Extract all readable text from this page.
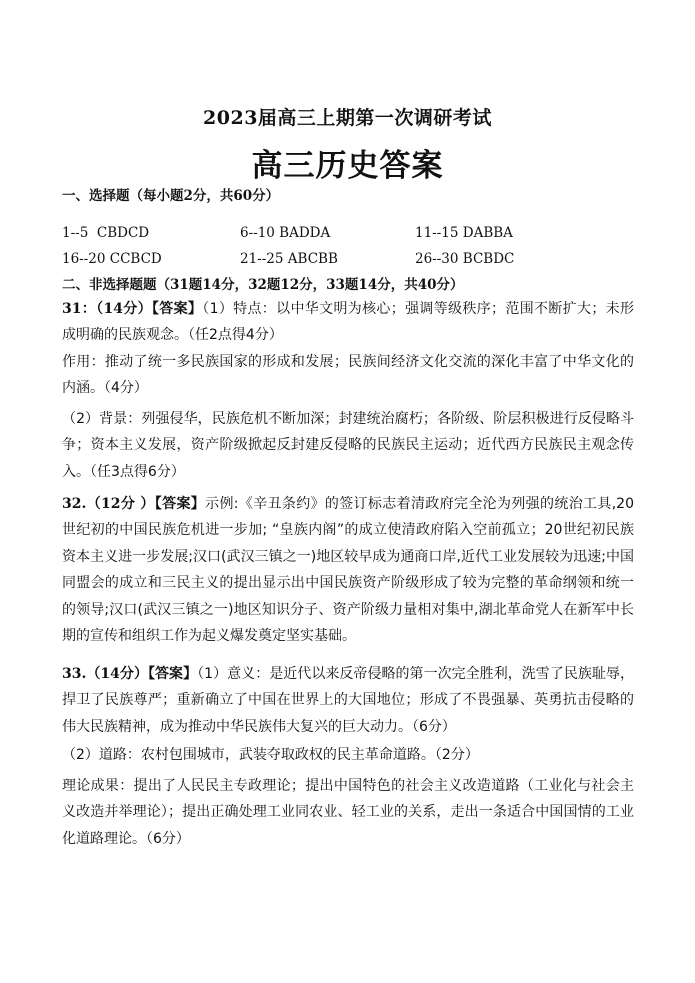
2023届高三上期第一次调研考试
高三历史答案
一、选择题（每小题2分，共60分）
1--5  CBDCD	6--10 BADDA	11--15 DABBA
16--20 CCBCD	21--25 ABCBB	26--30 BCBDC
二、非选择题题（31题14分，32题12分，33题14分，共40分）
31：（14分）【答案】（1）特点：以中华文明为核心；强调等级秩序；范围不断扩大；未形成明确的民族观念。（任2点得4分）
作用：推动了统一多民族国家的形成和发展；民族间经济文化交流的深化丰富了中华文化的内涵。（4分）
（2）背景：列强侵华，民族危机不断加深；封建统治腐朽；各阶级、阶层积极进行反侵略斗争；资本主义发展，资产阶级掀起反封建反侵略的民族民主运动；近代西方民族民主观念传入。（任3点得6分）
32.（12分 ）【答案】示例:《辛丑条约》的签订标志着清政府完全沦为列强的统治工具,20世纪初的中国民族危机进一步加; “皇族内阁”的成立使清政府陷入空前孤立；20世纪初民族资本主义进一步发展;汉口(武汉三镇之一)地区较早成为通商口岸,近代工业发展较为迅速;中国同盟会的成立和三民主义的提出显示出中国民族资产阶级形成了较为完整的革命纲领和统一的领导;汉口(武汉三镇之一)地区知识分子、资产阶级力量相对集中,湖北革命党人在新军中长期的宣传和组织工作为起义爆发奠定坚实基础。
33.（14分）【答案】（1）意义：是近代以来反帝侵略的第一次完全胜利，洗雪了民族耻辱，捍卫了民族尊严；重新确立了中国在世界上的大国地位；形成了不畏强暴、英勇抗击侵略的伟大民族精神，成为推动中华民族伟大复兴的巨大动力。（6分）
（2）道路：农村包围城市，武装夺取政权的民主革命道路。（2分）
理论成果：提出了人民民主专政理论；提出中国特色的社会主义改造道路（工业化与社会主义改造并举理论）；提出正确处理工业同农业、轻工业的关系，走出一条适合中国国情的工业化道路理论。（6分）
